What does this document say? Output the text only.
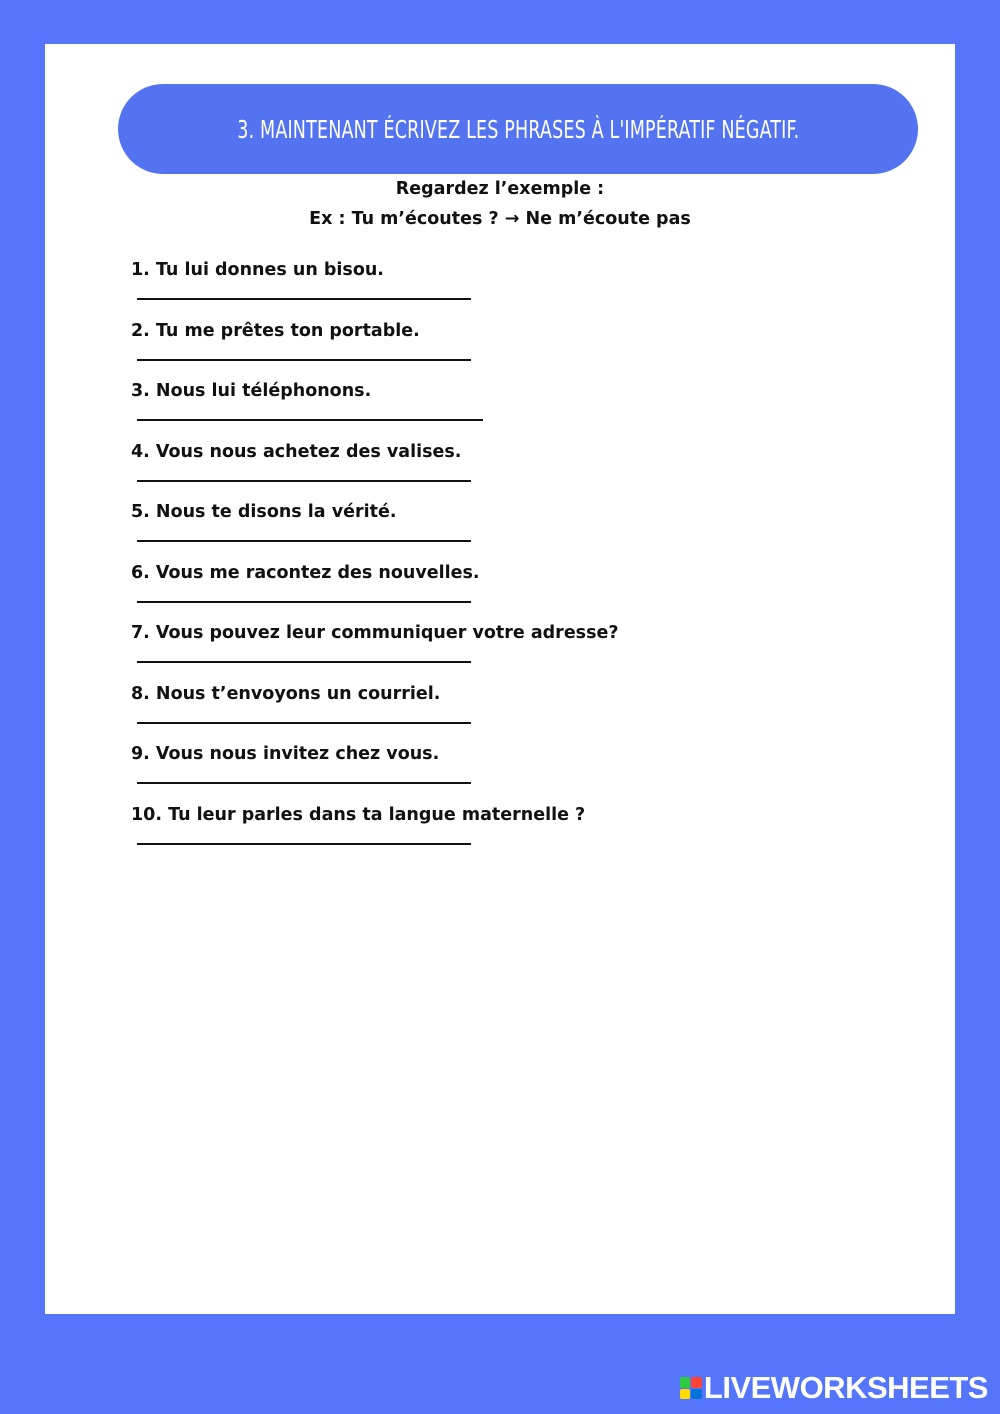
3. MAINTENANT ÉCRIVEZ LES PHRASES À L'IMPÉRATIF NÉGATIF.
Regardez l’exemple :
Ex : Tu m’écoutes ? → Ne m’écoute pas
1. Tu lui donnes un bisou.
2. Tu me prêtes ton portable.
3. Nous lui téléphonons.
4. Vous nous achetez des valises.
5. Nous te disons la vérité.
6. Vous me racontez des nouvelles.
7. Vous pouvez leur communiquer votre adresse?
8. Nous t’envoyons un courriel.
9. Vous nous invitez chez vous.
10. Tu leur parles dans ta langue maternelle ?
LIVEWORKSHEETS
